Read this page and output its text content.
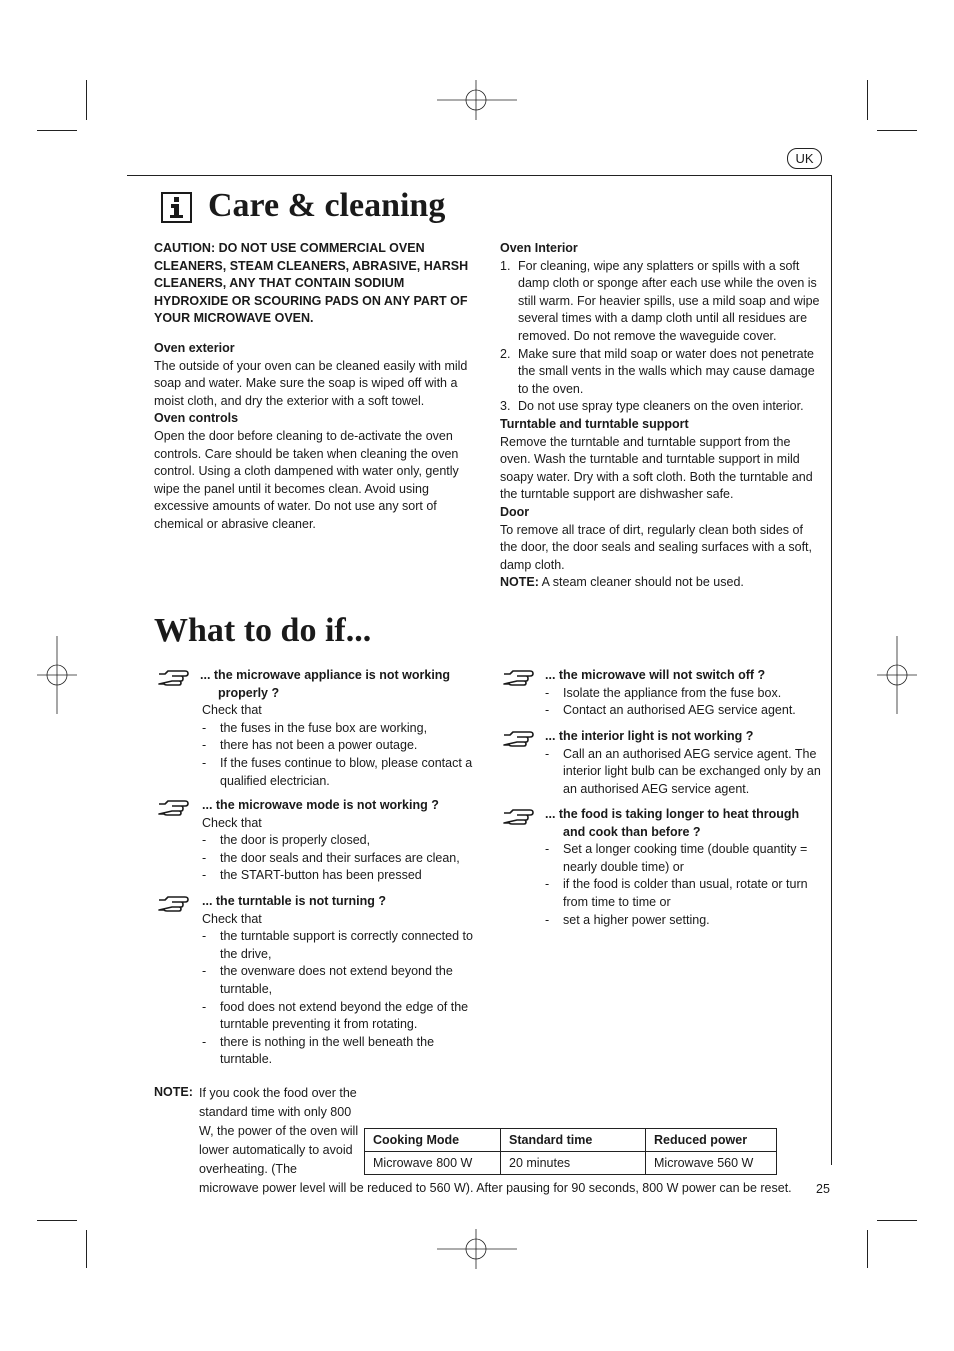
UK
Care & cleaning

CAUTION: DO NOT USE COMMERCIAL OVEN CLEANERS, STEAM CLEANERS, ABRASIVE, HARSH CLEANERS, ANY THAT CONTAIN SODIUM HYDROXIDE OR SCOURING PADS ON ANY PART OF YOUR MICROWAVE OVEN.

Oven exterior

The outside of your oven can be cleaned easily with mild soap and water. Make sure the soap is wiped off with a moist cloth, and dry the exterior with a soft towel.

Oven controls

Open the door before cleaning to de-activate the oven controls. Care should be taken when cleaning the oven control. Using a cloth dampened with water only, gently wipe the panel until it becomes clean. Avoid using excessive amounts of water. Do not use any sort of chemical or abrasive cleaner.

Oven Interior

1. For cleaning, wipe any splatters or spills with a soft damp cloth or sponge after each use while the oven is still warm. For heavier spills, use a mild soap and wipe several times with a damp cloth until all residues are removed. Do not remove the waveguide cover.
2. Make sure that mild soap or water does not penetrate the small vents in the walls which may cause damage to the oven.
3. Do not use spray type cleaners on the oven interior.

Turntable and turntable support

Remove the turntable and turntable support from the oven. Wash the turntable and turntable support in mild soapy water. Dry with a soft cloth. Both the turntable and the turntable support are dishwasher safe.

Door

To remove all trace of dirt, regularly clean both sides of the door, the door seals and sealing surfaces with a soft, damp cloth.

NOTE: A steam cleaner should not be used.

What to do if...
... the microwave appliance is not working properly ?
Check that
- the fuses in the fuse box are working,
- there has not been a power outage.
- If the fuses continue to blow, please contact a qualified electrician.
... the microwave mode is not working ?
Check that
- the door is properly closed,
- the door seals and their surfaces are clean,
- the START-button has been pressed
... the turntable is not turning ?
Check that
- the turntable support is correctly connected to the drive,
- the ovenware does not extend beyond the turntable,
- food does not extend beyond the edge of the turntable preventing it from rotating.
- there is nothing in the well beneath the turntable.
... the microwave will not switch off ?
- Isolate the appliance from the fuse box.
- Contact an authorised AEG service agent.
... the interior light is not working ?
- Call an an authorised AEG service agent. The interior light bulb can be exchanged only by an an authorised AEG service agent.
... the food is taking longer to heat through and cook than before ?
- Set a longer cooking time (double quantity = nearly double time) or
- if the food is colder than usual, rotate or turn from time to time or
- set a higher power setting.
NOTE: If you cook the food over the standard time with only 800 W, the power of the oven will lower automatically to avoid overheating. (The microwave power level will be reduced to 560 W). After pausing for 90 seconds, 800 W power can be reset.
Cooking Mode	Standard time	Reduced power
Microwave 800 W	20 minutes	Microwave 560 W
25
